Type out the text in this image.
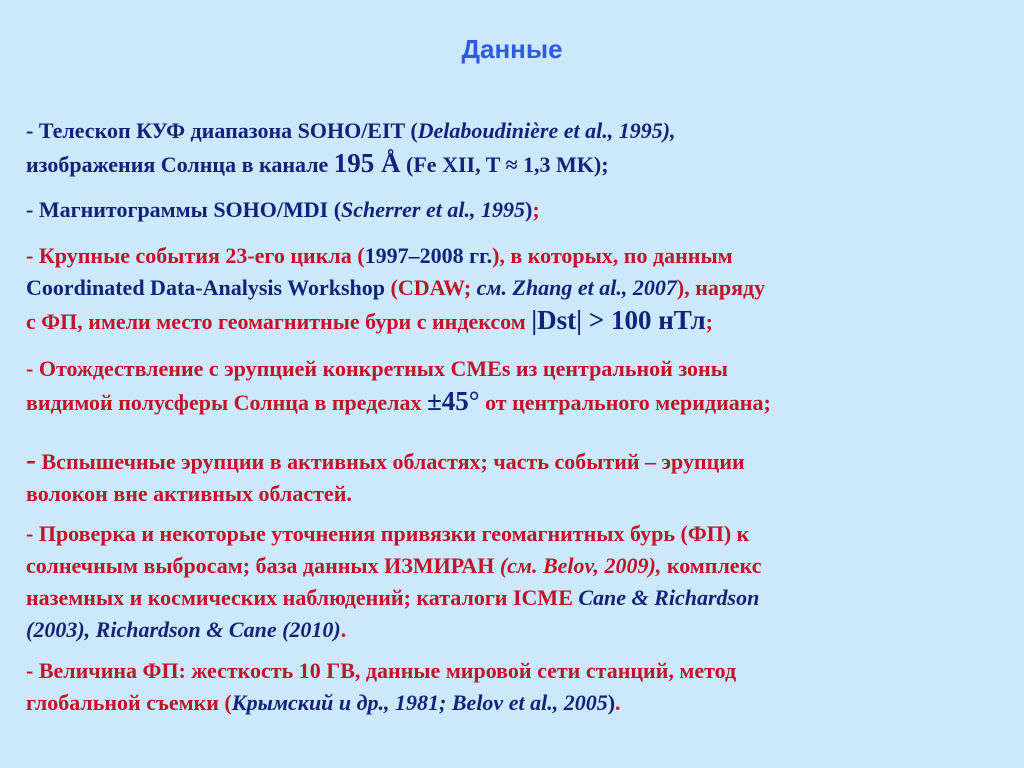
Данные
- Телескоп КУФ диапазона SOHO/EIT (Delaboudinière et al., 1995),
изображения Солнца в канале 195 Å (Fe XII, T ≈ 1,3 MK);
- Магнитограммы SOHO/MDI (Scherrer et al., 1995);
- Крупные события 23-его цикла (1997–2008 гг.), в которых, по данным
Coordinated Data-Analysis Workshop (CDAW; см. Zhang et al., 2007), наряду
с ФП, имели место геомагнитные бури с индексом |Dst| > 100 нТл;
- Отождествление с эрупцией конкретных CMEs из центральной зоны
видимой полусферы Солнца в пределах ±45° от центрального меридиана;
- Вспышечные эрупции в активных областях; часть событий – эрупции
волокон вне активных областей.
- Проверка и некоторые уточнения привязки геомагнитных бурь (ФП) к
солнечным выбросам; база данных ИЗМИРАН (см. Belov, 2009), комплекс
наземных и космических наблюдений; каталоги ICME Cane & Richardson
(2003), Richardson & Cane (2010).
- Величина ФП: жесткость 10 ГВ, данные мировой сети станций, метод
глобальной съемки (Крымский и др., 1981; Belov et al., 2005).
